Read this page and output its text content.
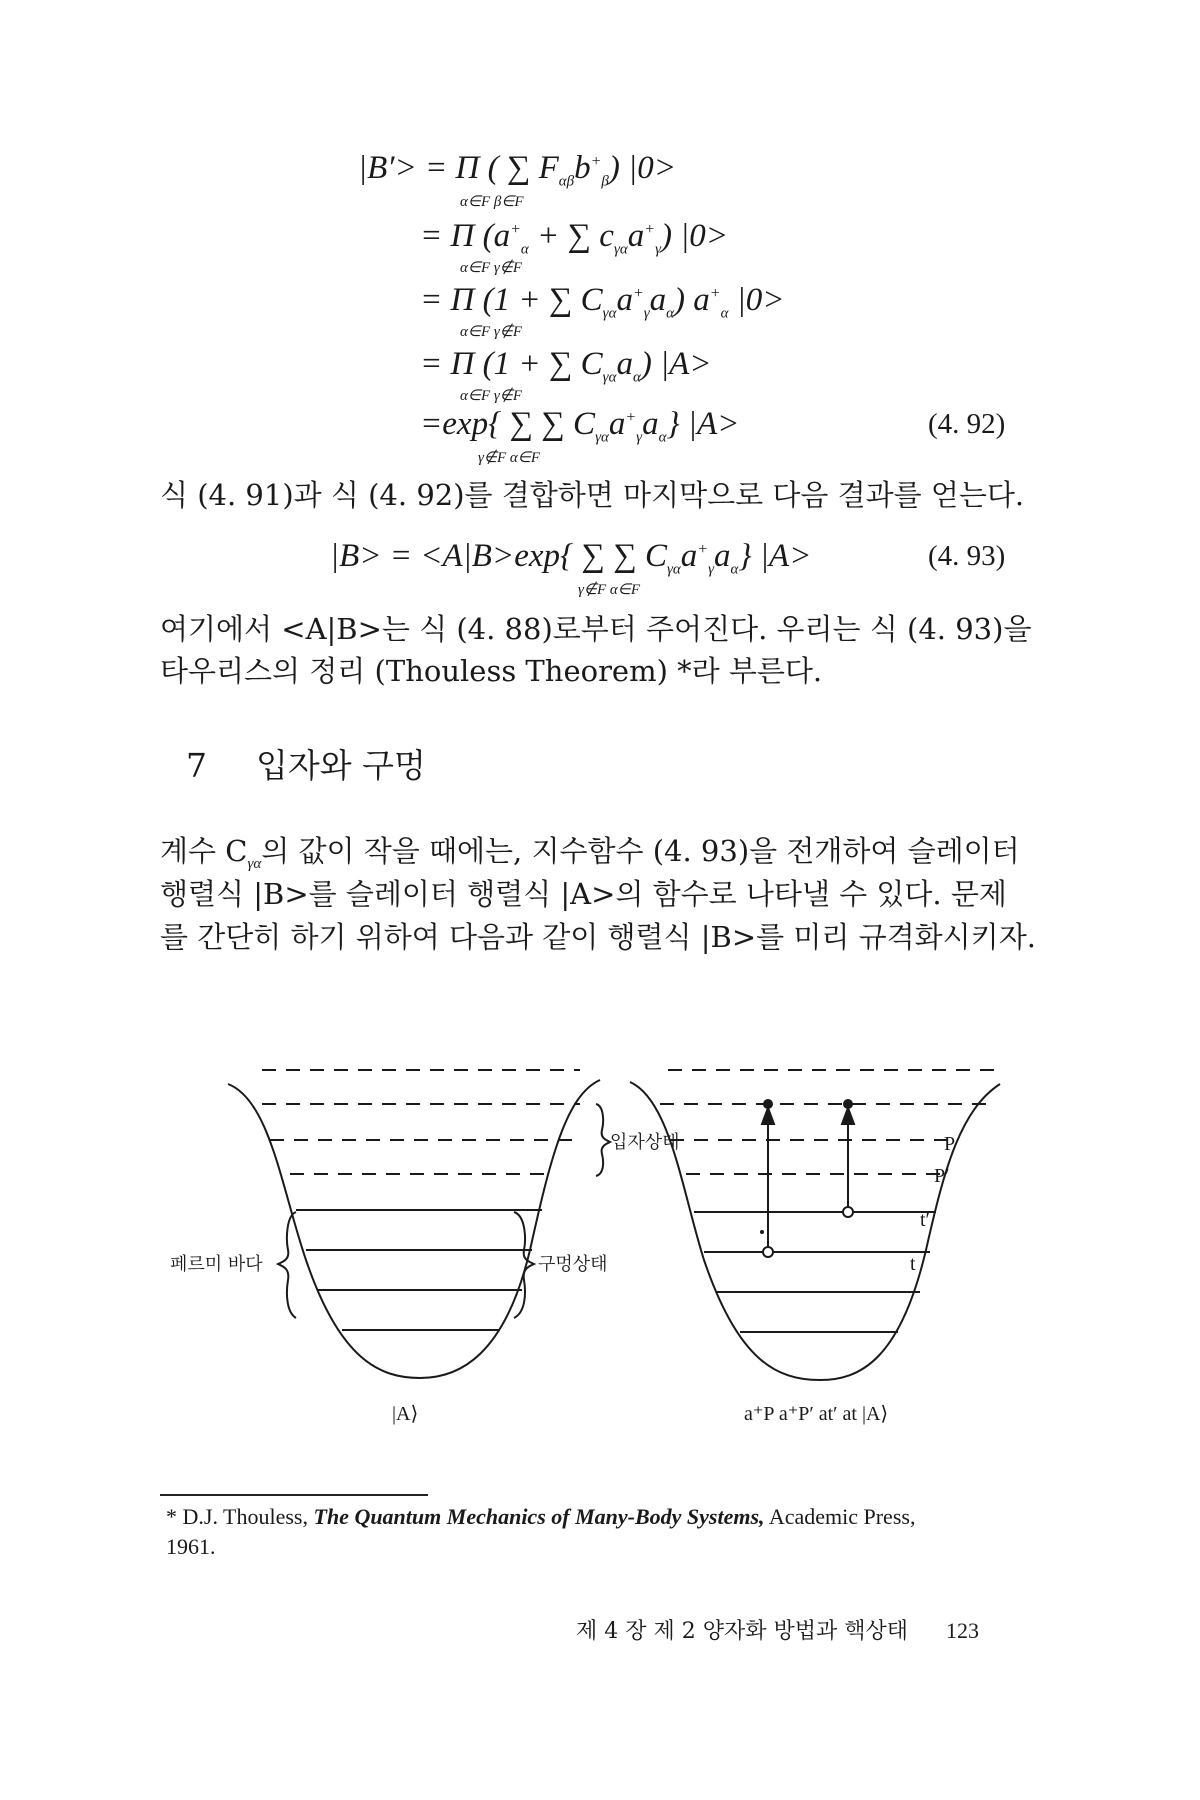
|B′> = Π ( ∑ $F_{\alpha\beta}b^+_\beta$) |0>
α∈F β∈F
= Π ($a^+_\alpha$ + ∑ $c_{\gamma\alpha}a^+_\gamma$) |0>
α∈F γ∉F
= Π (1 + ∑ $C_{\gamma\alpha}a^+_\gamma a_\alpha$) $a^+_\alpha$ |0>
α∈F γ∉F
= Π (1 + ∑ $C_{\gamma\alpha}a_\alpha$) |A>
α∈F γ∉F
=exp{ ∑ ∑ $C_{\gamma\alpha}a^+_\gamma a_\alpha$} |A>
γ∉F α∈F
(4. 92)
식 (4. 91)과 식 (4. 92)를 결합하면 마지막으로 다음 결과를 얻는다.
|B> = <A|B>exp{ ∑ ∑ $C_{\gamma\alpha}a^+_\gamma a_\alpha$} |A>
γ∉F α∈F
(4. 93)
여기에서 <A|B>는 식 (4. 88)로부터 주어진다. 우리는 식 (4. 93)을
타우리스의 정리 (Thouless Theorem) *라 부른다.
7 입자와 구멍
계수 $C_{\gamma\alpha}$의 값이 작을 때에는, 지수함수 (4. 93)을 전개하여 슬레이터
행렬식 |B>를 슬레이터 행렬식 |A>의 함수로 나타낼 수 있다. 문제
를 간단히 하기 위하여 다음과 같이 행렬식 |B>를 미리 규격화시키자.
페르미 바다	구멍상태
입자상태
|A⟩
P
P′
t′
t
a⁺P a⁺P′ at′ at |A⟩
* D.J. Thouless, The Quantum Mechanics of Many-Body Systems, Academic Press,
1961.
제 4 장 제 2 양자화 방법과 핵상태 123
